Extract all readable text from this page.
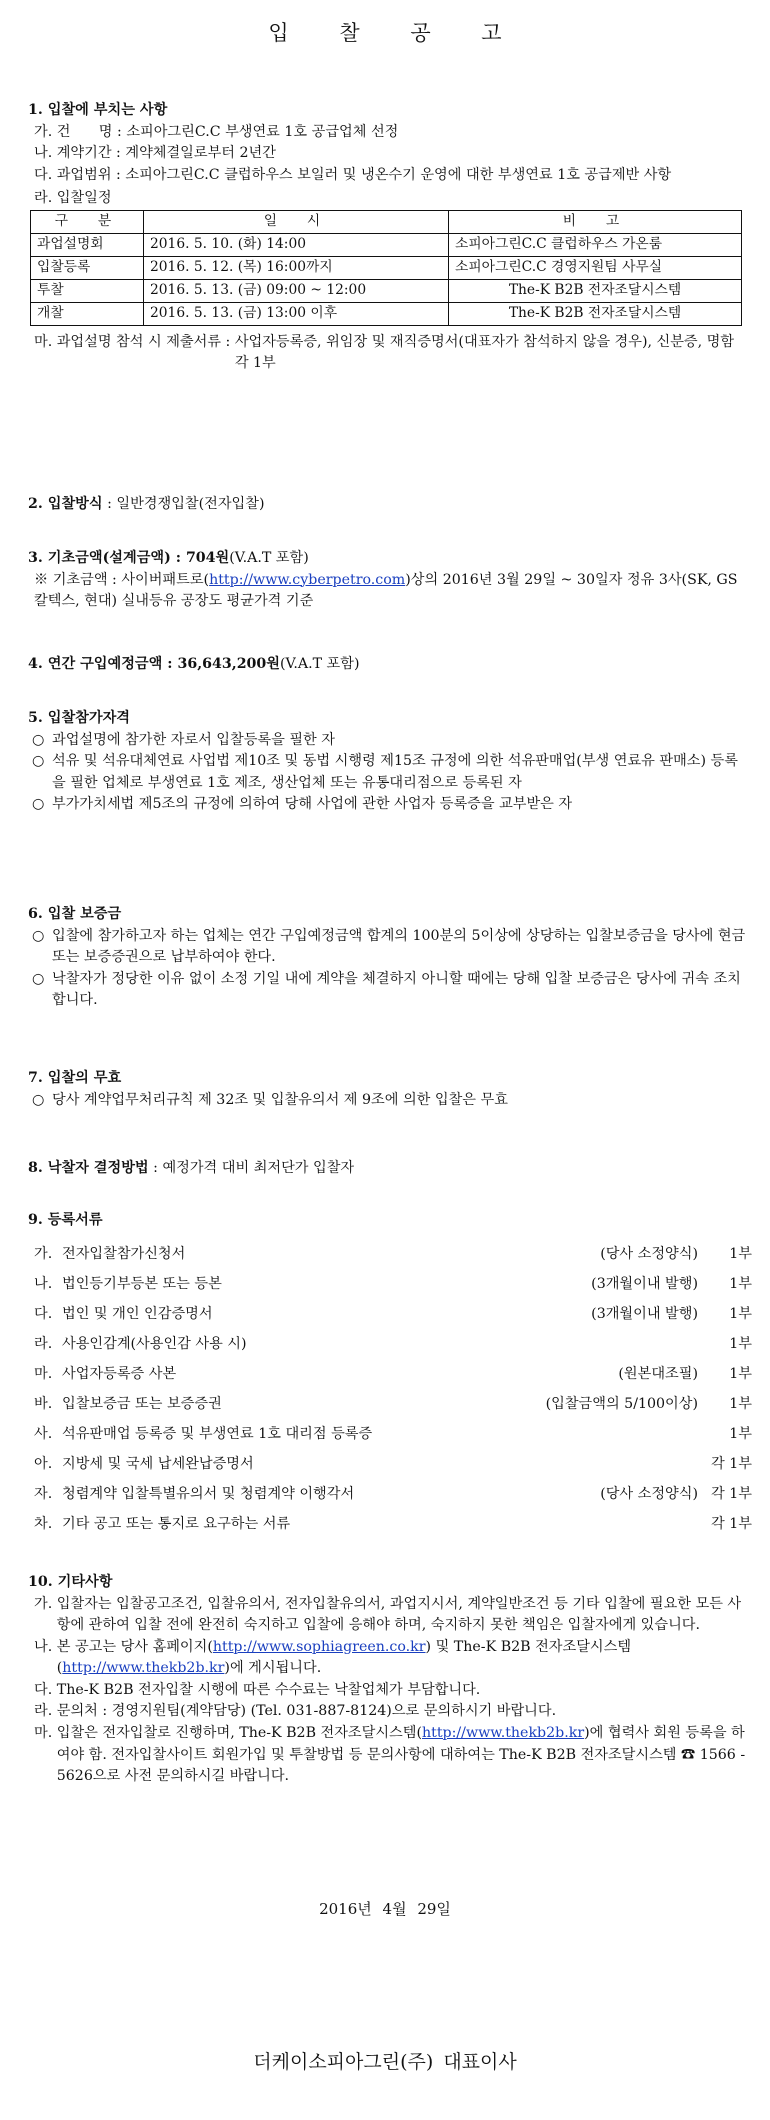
입 찰 공 고
1. 입찰에 부치는 사항
가. 건　　명 : 소피아그린C.C 부생연료 1호 공급업체 선정
나. 계약기간 : 계약체결일로부터 2년간
다. 과업범위 : 소피아그린C.C 클럽하우스 보일러 및 냉온수기 운영에 대한 부생연료 1호 공급제반 사항
라. 입찰일정
구　분	일　시	비　고
과업설명회	2016. 5. 10. (화) 14:00	소피아그린C.C 클럽하우스 가온룸
입찰등록	2016. 5. 12. (목) 16:00까지	소피아그린C.C 경영지원팀 사무실
투찰	2016. 5. 13. (금) 09:00 ~ 12:00	The-K B2B 전자조달시스템
개찰	2016. 5. 13. (금) 13:00 이후	The-K B2B 전자조달시스템
마. 과업설명 참석 시 제출서류 : 사업자등록증, 위임장 및 재직증명서(대표자가 참석하지 않을 경우), 신분증, 명함 각 1부
2. 입찰방식 : 일반경쟁입찰(전자입찰)
3. 기초금액(설계금액) : 704원(V.A.T 포함)
※ 기초금액 : 사이버패트로(http://www.cyberpetro.com)상의 2016년 3월 29일 ~ 30일자 정유 3사(SK, GS칼텍스, 현대) 실내등유 공장도 평균가격 기준
4. 연간 구입예정금액 : 36,643,200원(V.A.T 포함)
5. 입찰참가자격
○ 과업설명에 참가한 자로서 입찰등록을 필한 자
○ 석유 및 석유대체연료 사업법 제10조 및 동법 시행령 제15조 규정에 의한 석유판매업(부생 연료유 판매소) 등록을 필한 업체로 부생연료 1호 제조, 생산업체 또는 유통대리점으로 등록된 자
○ 부가가치세법 제5조의 규정에 의하여 당해 사업에 관한 사업자 등록증을 교부받은 자
6. 입찰 보증금
○ 입찰에 참가하고자 하는 업체는 연간 구입예정금액 합계의 100분의 5이상에 상당하는 입찰보증금을 당사에 현금 또는 보증증권으로 납부하여야 한다.
○ 낙찰자가 정당한 이유 없이 소정 기일 내에 계약을 체결하지 아니할 때에는 당해 입찰 보증금은 당사에 귀속 조치합니다.
7. 입찰의 무효
○ 당사 계약업무처리규칙 제 32조 및 입찰유의서 제 9조에 의한 입찰은 무효
8. 낙찰자 결정방법 : 예정가격 대비 최저단가 입찰자
9. 등록서류
가. 전자입찰참가신청서	(당사 소정양식)	1부
나. 법인등기부등본 또는 등본	(3개월이내 발행)	1부
다. 법인 및 개인 인감증명서	(3개월이내 발행)	1부
라. 사용인감계(사용인감 사용 시)	1부
마. 사업자등록증 사본	(원본대조필)	1부
바. 입찰보증금 또는 보증증권	(입찰금액의 5/100이상)	1부
사. 석유판매업 등록증 및 부생연료 1호 대리점 등록증	1부
아. 지방세 및 국세 납세완납증명서	각 1부
자. 청렴계약 입찰특별유의서 및 청렴계약 이행각서	(당사 소정양식) 각 1부
차. 기타 공고 또는 통지로 요구하는 서류	각 1부
10. 기타사항
가. 입찰자는 입찰공고조건, 입찰유의서, 전자입찰유의서, 과업지시서, 계약일반조건 등 기타 입찰에 필요한 모든 사항에 관하여 입찰 전에 완전히 숙지하고 입찰에 응해야 하며, 숙지하지 못한 책임은 입찰자에게 있습니다.
나. 본 공고는 당사 홈페이지(http://www.sophiagreen.co.kr) 및 The-K B2B 전자조달시스템(http://www.thekb2b.kr)에 게시됩니다.
다. The-K B2B 전자입찰 시행에 따른 수수료는 낙찰업체가 부담합니다.
라. 문의처 : 경영지원팀(계약담당) (Tel. 031-887-8124)으로 문의하시기 바랍니다.
마. 입찰은 전자입찰로 진행하며, The-K B2B 전자조달시스템(http://www.thekb2b.kr)에 협력사 회원 등록을 하여야 함. 전자입찰사이트 회원가입 및 투찰방법 등 문의사항에 대하여는 The-K B2B 전자조달시스템 ☎ 1566 - 5626으로 사전 문의하시길 바랍니다.
2016년 4월 29일
더케이소피아그린(주) 대표이사
